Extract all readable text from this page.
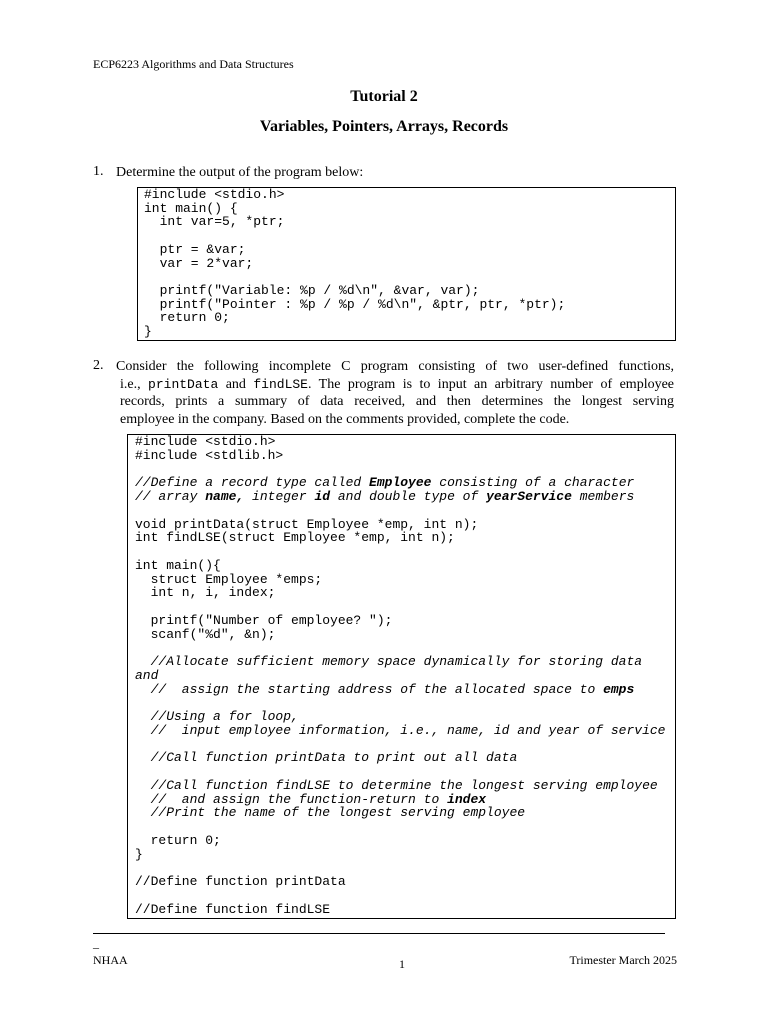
ECP6223 Algorithms and Data Structures
Tutorial 2
Variables, Pointers, Arrays, Records
1. Determine the output of the program below:
#include <stdio.h>
int main() {
int var=5, *ptr;

ptr = &var;
var = 2*var;

printf("Variable: %p / %d\n", &var, var);
printf("Pointer : %p / %p / %d\n", &ptr, ptr, *ptr);
return 0;
}
2. Consider the following incomplete C program consisting of two user-defined functions,
i.e., printData and findLSE. The program is to input an arbitrary number of employee
records, prints a summary of data received, and then determines the longest serving
employee in the company. Based on the comments provided, complete the code.
#include <stdio.h>
#include <stdlib.h>

//Define a record type called Employee consisting of a character
// array name, integer id and double type of yearService members

void printData(struct Employee *emp, int n);
int findLSE(struct Employee *emp, int n);

int main(){
struct Employee *emps;
int n, i, index;

printf("Number of employee? ");
scanf("%d", &n);

//Allocate sufficient memory space dynamically for storing data
and
//  assign the starting address of the allocated space to emps

//Using a for loop,
//  input employee information, i.e., name, id and year of service

//Call function printData to print out all data

//Call function findLSE to determine the longest serving employee
//  and assign the function-return to index
//Print the name of the longest serving employee

return 0;
}

//Define function printData

//Define function findLSE
_
NHAA	1	Trimester March 2025
